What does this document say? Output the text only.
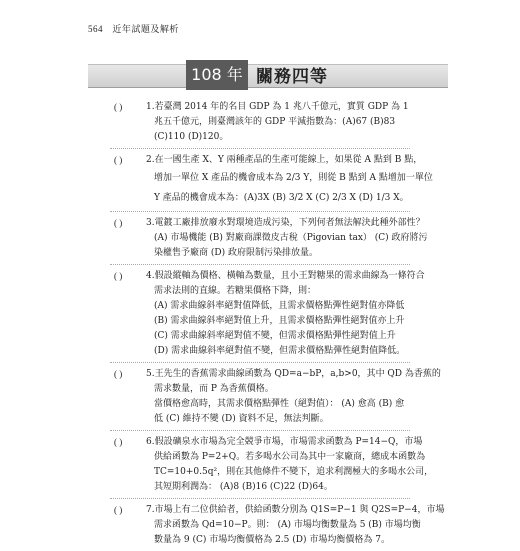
564 近年試題及解析
108 年 關務四等
( )	1.若臺灣 2014 年的名目 GDP 為 1 兆八千億元，實質 GDP 為 1
兆五千億元，則臺灣該年的 GDP 平減指數為：(A)67 (B)83
(C)110 (D)120。
( )	2.在一國生產 X、Y 兩種產品的生產可能線上，如果從 A 點到 B 點，
增加一單位 X 產品的機會成本為 2/3 Y，則從 B 點到 A 點增加一單位
Y 產品的機會成本為：(A)3X (B) 3/2 X (C) 2/3 X (D) 1/3 X。
( )	3.電鍍工廠排放廢水對環境造成污染，下列何者無法解決此種外部性？
(A) 市場機能 (B) 對廠商課徵皮古稅（Pigovian tax） (C) 政府將污
染權售予廠商 (D) 政府限制污染排放量。
( )	4.假設縱軸為價格、橫軸為數量，且小王對糖果的需求曲線為一條符合
需求法則的直線。若糖果價格下降，則：
(A) 需求曲線斜率絕對值降低，且需求價格點彈性絕對值亦降低
(B) 需求曲線斜率絕對值上升，且需求價格點彈性絕對值亦上升
(C) 需求曲線斜率絕對值不變，但需求價格點彈性絕對值上升
(D) 需求曲線斜率絕對值不變，但需求價格點彈性絕對值降低。
( )	5.王先生的香蕉需求曲線函數為 QD=a−bP，a,b>0，其中 QD 為香蕉的
需求數量，而 P 為香蕉價格。
當價格愈高時，其需求價格點彈性（絕對值）： (A) 愈高 (B) 愈
低 (C) 維持不變 (D) 資料不足，無法判斷。
( )	6.假設礦泉水市場為完全競爭市場，市場需求函數為 P=14−Q，市場
供給函數為 P=2+Q。若多喝水公司為其中一家廠商，總成本函數為
TC=10+0.5q²，則在其他條件不變下，追求利潤極大的多喝水公司，
其短期利潤為： (A)8 (B)16 (C)22 (D)64。
( )	7.市場上有二位供給者，供給函數分別為 Q1S=P−1 與 Q2S=P−4，市場
需求函數為 Qd=10−P。則： (A) 市場均衡數量為 5 (B) 市場均衡
數量為 9 (C) 市場均衡價格為 2.5 (D) 市場均衡價格為 7。
